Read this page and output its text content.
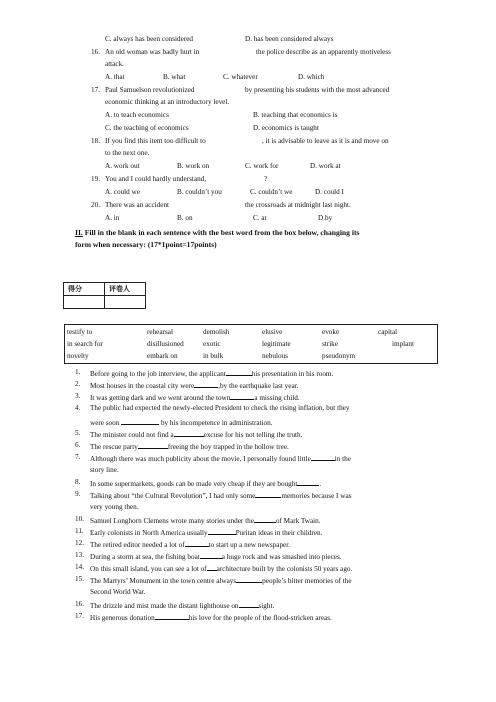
C. always has been considered	D. has been considered always
16. An old woman was badly hurt in	the police describe as an apparently motiveless
attack.
A. that	B. what	C. whatever	D. which
17. Paul Samuelson revolutionized	by presenting his students with the most advanced
economic thinking at an introductory level.
A. to teach economics	B. teaching that economics is
C. the teaching of economics	D. economics is taught
18. If you find this item too difficult to	, it is advisable to leave as it is and move on
to the next one.
A. work out	B. work on	C. work for	D. work at
19. You and I could hardly understand,	?
A. could we	B. couldn’t you	C. couldn’t we	D. could I
20. There was an accident	the crossroads at midnight last night.
A. in	B. on	C. at	D.by
II. Fill in the blank in each sentence with the best word from the box below, changing its
form when necessary: (17*1point=17points)
得分	评卷人

testify to	rehearsal	demolish	elusive	evoke	capital
in search for	disillusioned	exotic	legitimate	strike	implant
novelty	embark on	in bulk	nebulous	pseudonym
1. Before going to the job interview, the applicant	his presentation in his room.
2. Most houses in the coastal city were	,by the earthquake last year.
3. It was getting dark and we went around the town	a missing child.
4. The public had expected the newly-elected President to check the rising inflation, but they
were soon	by his incompetence in administration.
5. The minister could not find a	excuse for his not telling the truth.
6. The rescue party	freeing the boy trapped in the hollow tree.
7. Although there was much publicity about the movie, I personally found little	in the
story line.
8. In some supermarkets, goods can be made very cheap if they are bought	.
9. Talking about “the Cultural Revolution”, I had only some	memories because I was
very young then.
10. Samuel Longhorn Clemens wrote many stories under the	of Mark Twain.
11. Early colonists in North America usually	Puritan ideas in their children.
12. The retired editor needed a lot of	to start up a new newspaper.
13. During a storm at sea, the fishing boat	a huge rock and was smashed into pieces.
14. On this small island, you can see a lot of architecture built by the colonists 50 years ago.
15. The Martyrs’ Monument in the town centre always	people’s bitter memories of the
Second World War.
16. The drizzle and mist made the distant lighthouse on	sight.
17. His generous donation	his love for the people of the flood-stricken areas.
